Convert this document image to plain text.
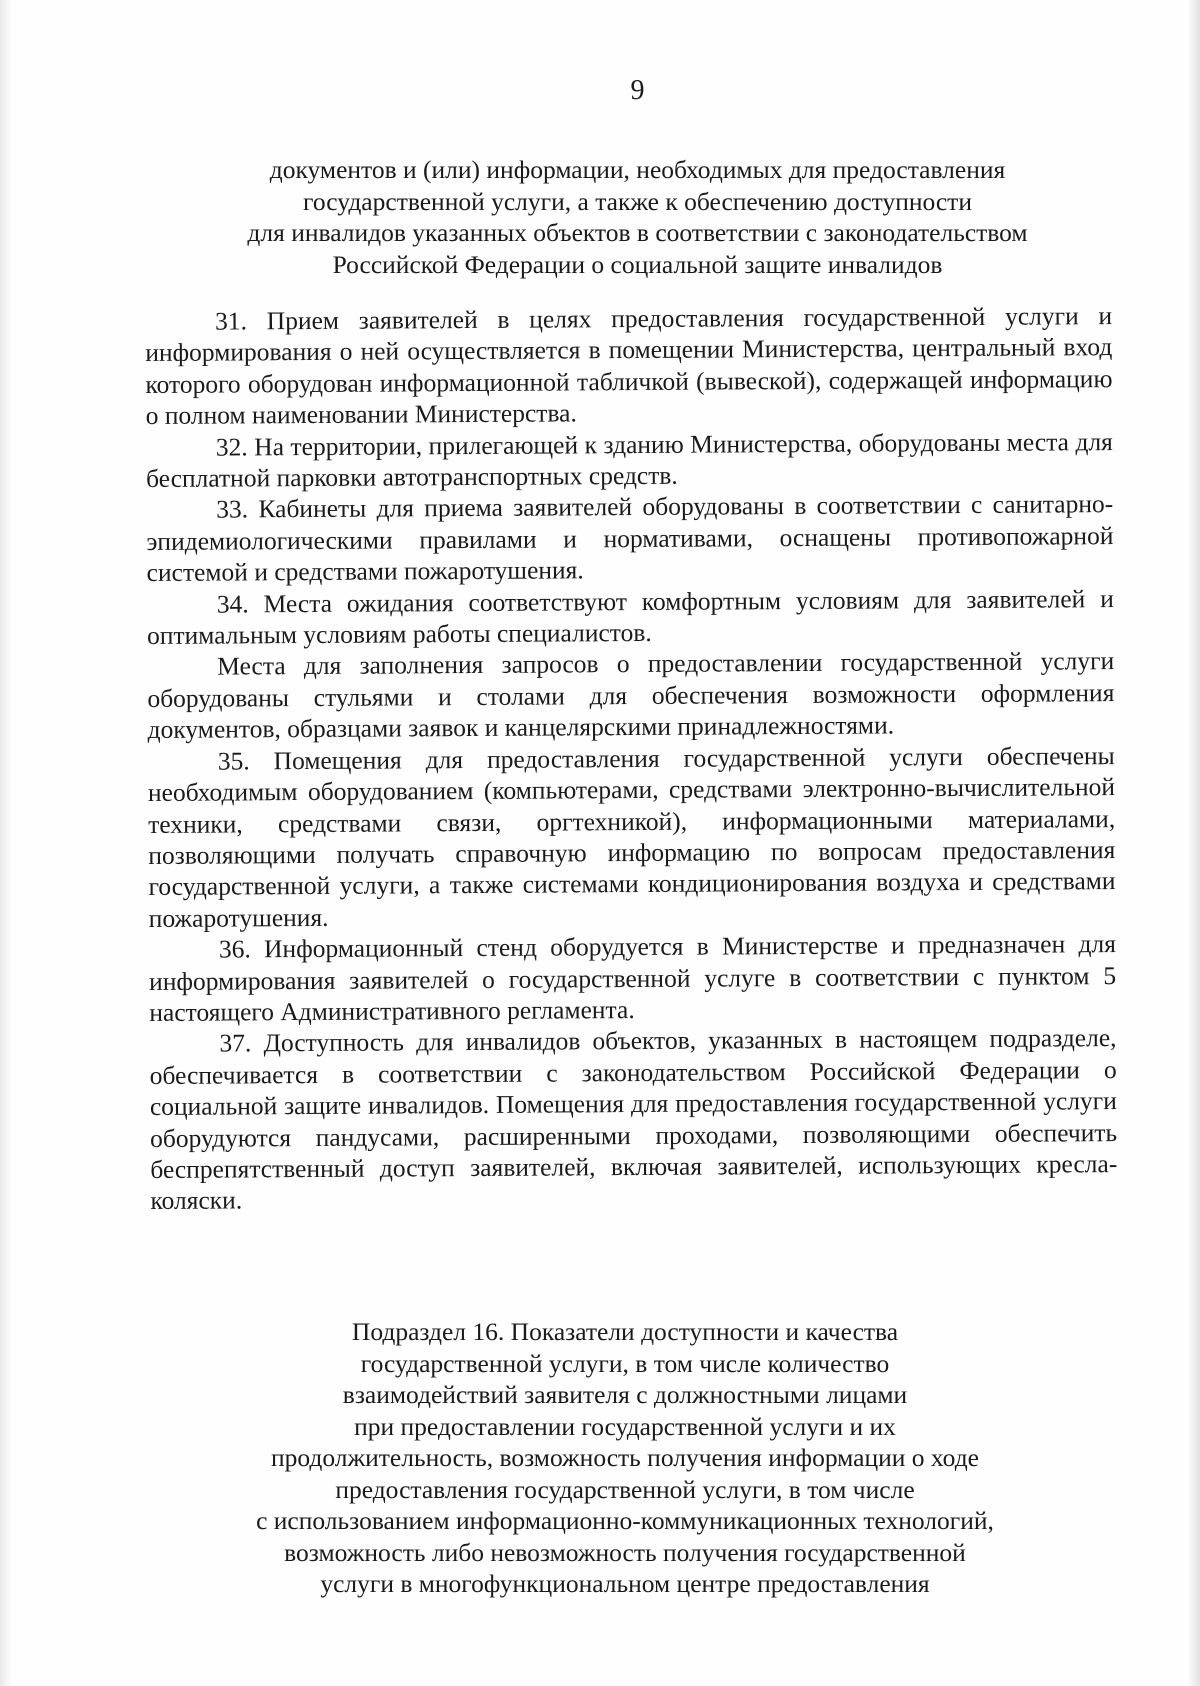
9
документов и (или) информации, необходимых для предоставления
государственной услуги, а также к обеспечению доступности
для инвалидов указанных объектов в соответствии с законодательством
Российской Федерации о социальной защите инвалидов

31. Прием заявителей в целях предоставления государственной услуги и информирования о ней осуществляется в помещении Министерства, центральный вход которого оборудован информационной табличкой (вывеской), содержащей информацию о полном наименовании Министерства.

32. На территории, прилегающей к зданию Министерства, оборудованы места для бесплатной парковки автотранспортных средств.

33. Кабинеты для приема заявителей оборудованы в соответствии с санитарно-эпидемиологическими правилами и нормативами, оснащены противопожарной системой и средствами пожаротушения.

34. Места ожидания соответствуют комфортным условиям для заявителей и оптимальным условиям работы специалистов.

Места для заполнения запросов о предоставлении государственной услуги оборудованы стульями и столами для обеспечения возможности оформления документов, образцами заявок и канцелярскими принадлежностями.

35. Помещения для предоставления государственной услуги обеспечены необходимым оборудованием (компьютерами, средствами электронно-вычислительной техники, средствами связи, оргтехникой), информационными материалами, позволяющими получать справочную информацию по вопросам предоставления государственной услуги, а также системами кондиционирования воздуха и средствами пожаротушения.

36. Информационный стенд оборудуется в Министерстве и предназначен для информирования заявителей о государственной услуге в соответствии с пунктом 5 настоящего Административного регламента.

37. Доступность для инвалидов объектов, указанных в настоящем подразделе, обеспечивается в соответствии с законодательством Российской Федерации о социальной защите инвалидов. Помещения для предоставления государственной услуги оборудуются пандусами, расширенными проходами, позволяющими обеспечить беспрепятственный доступ заявителей, включая заявителей, использующих кресла-коляски.

Подраздел 16. Показатели доступности и качества
государственной услуги, в том числе количество
взаимодействий заявителя с должностными лицами
при предоставлении государственной услуги и их
продолжительность, возможность получения информации о ходе
предоставления государственной услуги, в том числе
с использованием информационно-коммуникационных технологий,
возможность либо невозможность получения государственной
услуги в многофункциональном центре предоставления
